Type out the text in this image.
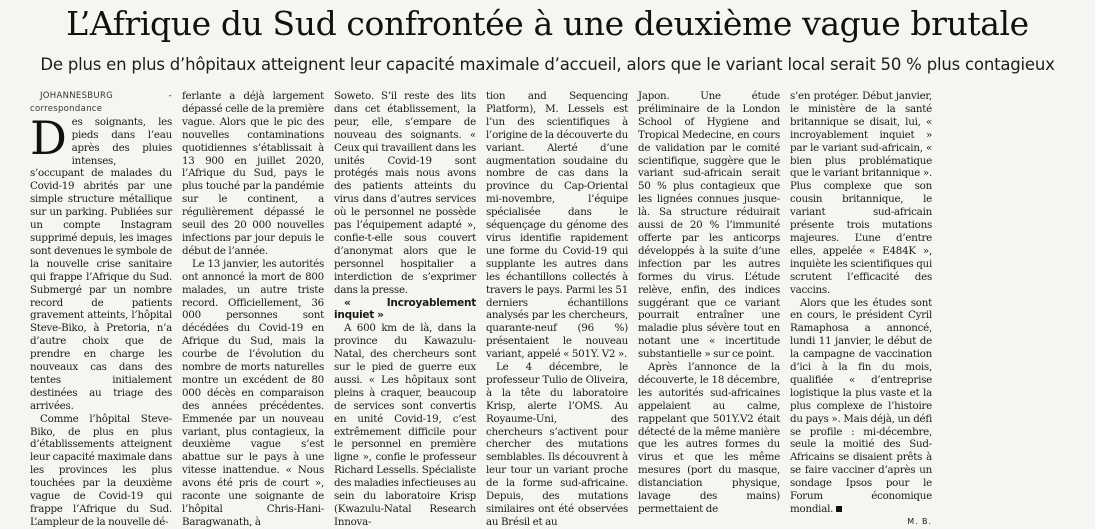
L’Afrique du Sud confrontée à une deuxième vague brutale
De plus en plus d’hôpitaux atteignent leur capacité maximale d’accueil, alors que le variant local serait 50 % plus contagieux

JOHANNESBURG - correspondance

Des soignants, les pieds dans l’eau après des pluies intenses, s’occupant de malades du Covid-19 abrités par une simple structure métallique sur un parking. Publiées sur un compte Instagram supprimé depuis, les images sont devenues le symbole de la nouvelle crise sanitaire qui frappe l’Afrique du Sud. Submergé par un nombre record de patients gravement atteints, l’hôpital Steve-Biko, à Pretoria, n’a d’autre choix que de prendre en charge les nouveaux cas dans des tentes initialement destinées au triage des arrivées.

Comme l’hôpital Steve-Biko, de plus en plus d’établissements atteignent leur capacité maximale dans les provinces les plus touchées par la deuxième vague de Covid-19 qui frappe l’Afrique du Sud. L’ampleur de la nouvelle dé-

ferlante a déjà largement dépassé celle de la première vague. Alors que le pic des nouvelles contaminations quotidiennes s’établissait à 13 900 en juillet 2020, l’Afrique du Sud, pays le plus touché par la pandémie sur le continent, a régulièrement dépassé le seuil des 20 000 nouvelles infections par jour depuis le début de l’année.

Le 13 janvier, les autorités ont annoncé la mort de 800 malades, un autre triste record. Officiellement, 36 000 personnes sont décédées du Covid-19 en Afrique du Sud, mais la courbe de l’évolution du nombre de morts naturelles montre un excédent de 80 000 décès en comparaison des années précédentes. Emmenée par un nouveau variant, plus contagieux, la deuxième vague s’est abattue sur le pays à une vitesse inattendue. « Nous avons été pris de court », raconte une soignante de l’hôpital Chris-Hani-Baragwanath, à

Soweto. S’il reste des lits dans cet établissement, la peur, elle, s’empare de nouveau des soignants. « Ceux qui travaillent dans les unités Covid-19 sont protégés mais nous avons des patients atteints du virus dans d’autres services où le personnel ne possède pas l’équipement adapté », confie-t-elle sous couvert d’anonymat alors que le personnel hospitalier a interdiction de s’exprimer dans la presse.

« Incroyablement inquiet »

A 600 km de là, dans la province du Kawazulu-Natal, des chercheurs sont sur le pied de guerre eux aussi. « Les hôpitaux sont pleins à craquer, beaucoup de services sont convertis en unité Covid-19, c’est extrêmement difficile pour le personnel en première ligne », confie le professeur Richard Lessells. Spécialiste des maladies infectieuses au sein du laboratoire Krisp (Kwazulu-Natal Research Innova-

tion and Sequencing Platform), M. Lessels est l’un des scientifiques à l’origine de la découverte du variant. Alerté d’une augmentation soudaine du nombre de cas dans la province du Cap-Oriental mi-novembre, l’équipe spécialisée dans le séquençage du génome des virus identifie rapidement une forme du Covid-19 qui supplante les autres dans les échantillons collectés à travers le pays. Parmi les 51 derniers échantillons analysés par les chercheurs, quarante-neuf (96 %) présentaient le nouveau variant, appelé « 501Y. V2 ».

Le 4 décembre, le professeur Tulio de Oliveira, à la tête du laboratoire Krisp, alerte l’OMS. Au Royaume-Uni, des chercheurs s’activent pour chercher des mutations semblables. Ils découvrent à leur tour un variant proche de la forme sud-africaine. Depuis, des mutations similaires ont été observées au Brésil et au

Japon. Une étude préliminaire de la London School of Hygiene and Tropical Medecine, en cours de validation par le comité scientifique, suggère que le variant sud-africain serait 50 % plus contagieux que les lignées connues jusque-là. Sa structure réduirait aussi de 20 % l’immunité offerte par les anticorps développés à la suite d’une infection par les autres formes du virus. L’étude relève, enfin, des indices suggérant que ce variant pourrait entraîner une maladie plus sévère tout en notant une « incertitude substantielle » sur ce point.

Après l’annonce de la découverte, le 18 décembre, les autorités sud-africaines appelaient au calme, rappelant que 501Y.V2 était détecté de la même manière que les autres formes du virus et que les même mesures (port du masque, distanciation physique, lavage des mains) permettaient de

s’en protéger. Début janvier, le ministère de la santé britannique se disait, lui, « incroyablement inquiet » par le variant sud-africain, « bien plus problématique que le variant britannique ». Plus complexe que son cousin britannique, le variant sud-africain présente trois mutations majeures. L’une d’entre elles, appelée « E484K », inquiète les scientifiques qui scrutent l’efficacité des vaccins.

Alors que les études sont en cours, le président Cyril Ramaphosa a annoncé, lundi 11 janvier, le début de la campagne de vaccination d’ici à la fin du mois, qualifiée « d’entreprise logistique la plus vaste et la plus complexe de l’histoire du pays ». Mais déjà, un défi se profile : mi-décembre, seule la moitié des Sud-Africains se disaient prêts à se faire vacciner d’après un sondage Ipsos pour le Forum économique mondial.

M. B.
